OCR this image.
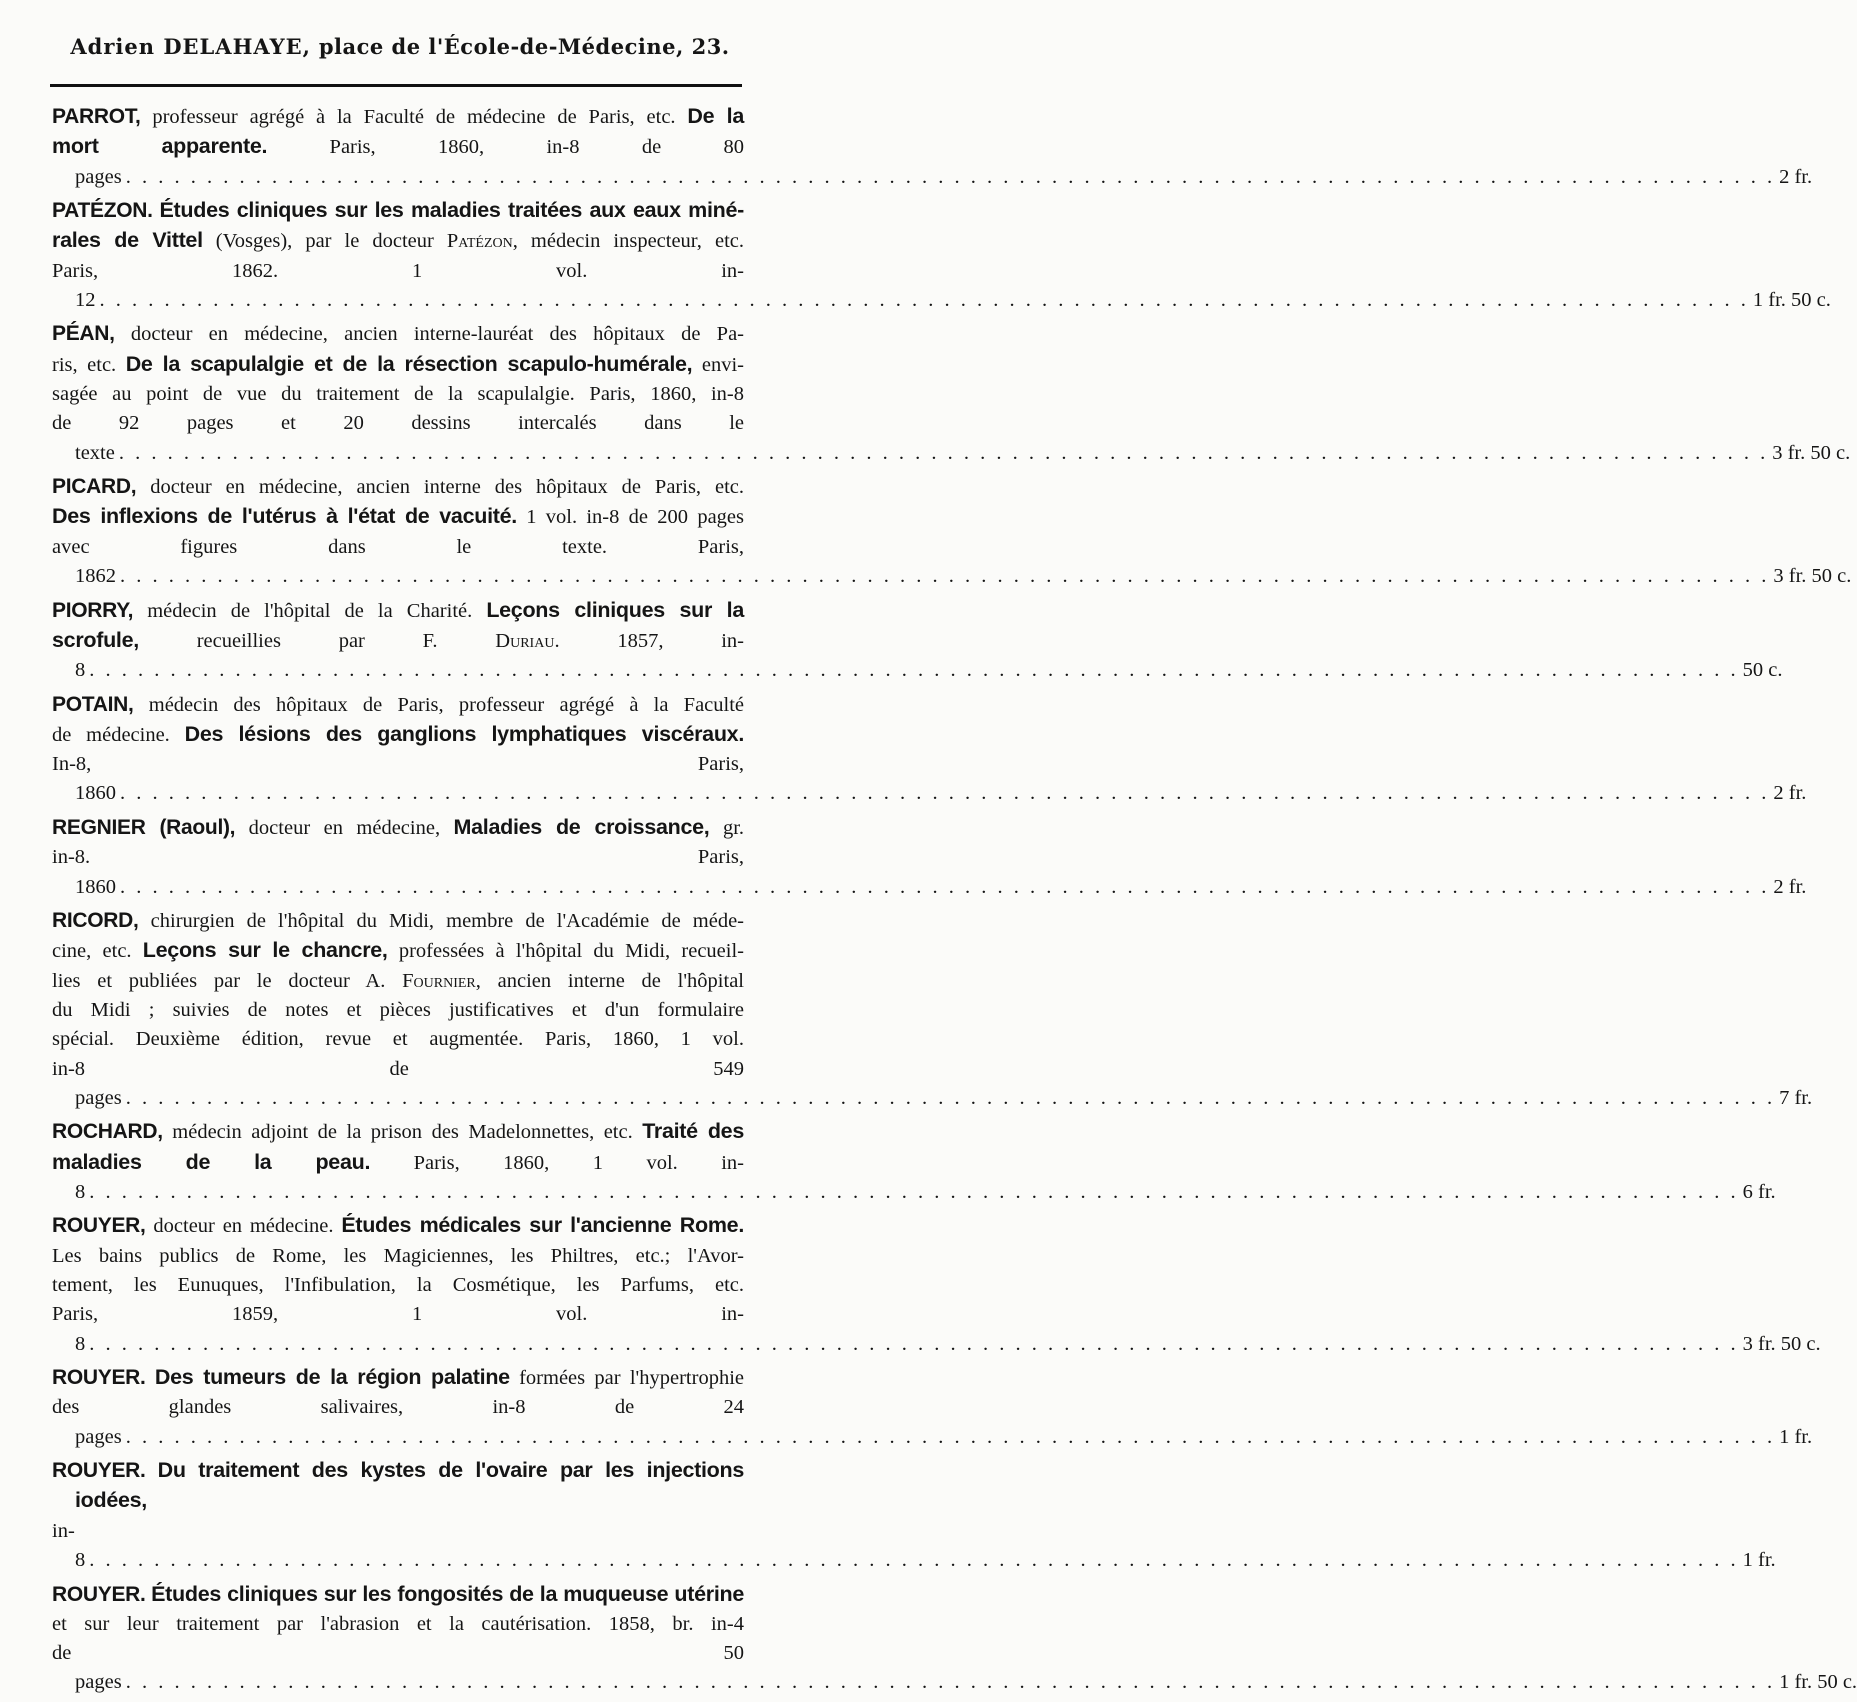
Adrien DELAHAYE, place de l'École-de-Médecine, 23.
PARROT, professeur agrégé à la Faculté de médecine de Paris, etc. De la
mort apparente. Paris, 1860, in-8 de 80 pages . . .	2 fr.
PATÉZON. Études cliniques sur les maladies traitées aux eaux miné-
rales de Vittel (Vosges), par le docteur Patézon, médecin inspecteur, etc.
Paris, 1862. 1 vol. in-12 . . .	1 fr. 50 c.
PÉAN, docteur en médecine, ancien interne-lauréat des hôpitaux de Pa-
ris, etc. De la scapulalgie et de la résection scapulo-humérale, envi-
sagée au point de vue du traitement de la scapulalgie. Paris, 1860, in-8
de 92 pages et 20 dessins intercalés dans le texte . . .	3 fr. 50 c.
PICARD, docteur en médecine, ancien interne des hôpitaux de Paris, etc.
Des inflexions de l'utérus à l'état de vacuité. 1 vol. in-8 de 200 pages
avec figures dans le texte. Paris, 1862 . . .	3 fr. 50 c.
PIORRY, médecin de l'hôpital de la Charité. Leçons cliniques sur la
scrofule, recueillies par F. Duriau. 1857, in-8 . . .	50 c.
POTAIN, médecin des hôpitaux de Paris, professeur agrégé à la Faculté
de médecine. Des lésions des ganglions lymphatiques viscéraux.
In-8, Paris, 1860 . . .	2 fr.
REGNIER (Raoul), docteur en médecine, Maladies de croissance, gr.
in-8. Paris, 1860 . . .	2 fr.
RICORD, chirurgien de l'hôpital du Midi, membre de l'Académie de méde-
cine, etc. Leçons sur le chancre, professées à l'hôpital du Midi, recueil-
lies et publiées par le docteur A. Fournier, ancien interne de l'hôpital
du Midi ; suivies de notes et pièces justificatives et d'un formulaire
spécial. Deuxième édition, revue et augmentée. Paris, 1860, 1 vol.
in-8 de 549 pages . . .	7 fr.
ROCHARD, médecin adjoint de la prison des Madelonnettes, etc. Traité des
maladies de la peau. Paris, 1860, 1 vol. in-8 . . .	6 fr.
ROUYER, docteur en médecine. Études médicales sur l'ancienne Rome.
Les bains publics de Rome, les Magiciennes, les Philtres, etc.; l'Avor-
tement, les Eunuques, l'Infibulation, la Cosmétique, les Parfums, etc.
Paris, 1859, 1 vol. in-8 . . .	3 fr. 50 c.
ROUYER. Des tumeurs de la région palatine formées par l'hypertrophie
des glandes salivaires, in-8 de 24 pages . . .	1 fr.
ROUYER. Du traitement des kystes de l'ovaire par les injections iodées,
in-8 . . .	1 fr.
ROUYER. Études cliniques sur les fongosités de la muqueuse utérine
et sur leur traitement par l'abrasion et la cautérisation. 1858, br. in-4
de 50 pages . . .	1 fr. 50 c.
